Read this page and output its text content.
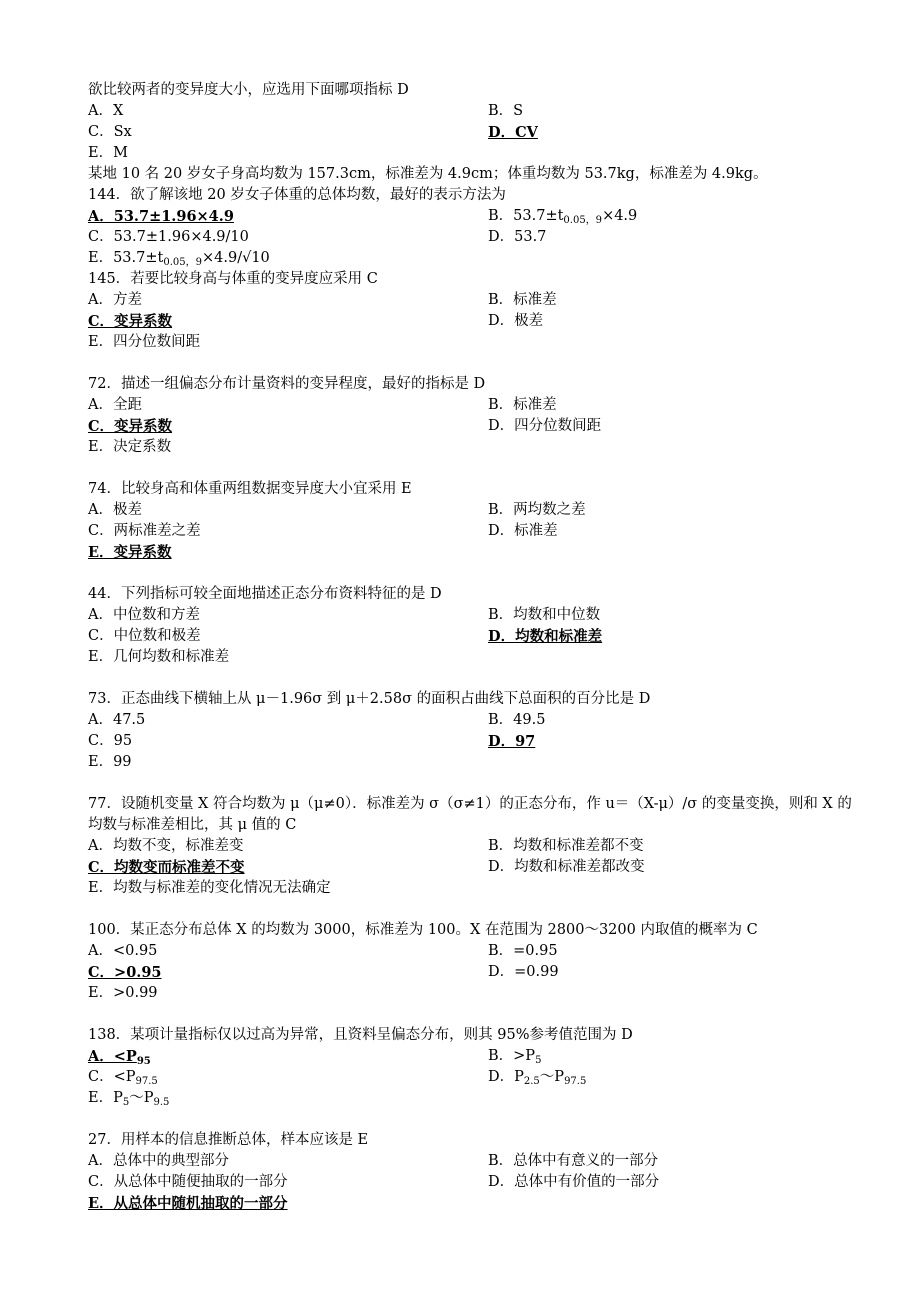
欲比较两者的变异度大小，应选用下面哪项指标 D
A．X	B．S
C．Sx	D．CV
E．M
某地 10 名 20 岁女子身高均数为 157.3cm，标准差为 4.9cm；体重均数为 53.7kg，标准差为 4.9kg。
144．欲了解该地 20 岁女子体重的总体均数，最好的表示方法为
A．53.7±1.96×4.9	B．$53.7\pm t_{0.05,9}\times 4.9$
C．53.7±1.96×4.9/10	D．53.7
E．$53.7\pm t_{0.05,9}\times 4.9/√10$
145．若要比较身高与体重的变异度应采用 C
A．方差	B．标准差
C．变异系数	D．极差
E．四分位数间距
72．描述一组偏态分布计量资料的变异程度，最好的指标是 D
A．全距	B．标准差
C．变异系数	D．四分位数间距
E．决定系数
74．比较身高和体重两组数据变异度大小宜采用 E
A．极差	B．两均数之差
C．两标准差之差	D．标准差
E．变异系数
44．下列指标可较全面地描述正态分布资料特征的是 D
A．中位数和方差	B．均数和中位数
C．中位数和极差	D．均数和标准差
E．几何均数和标准差
73．正态曲线下横轴上从 μ－1.96σ 到 μ＋2.58σ 的面积占曲线下总面积的百分比是 D
A．47.5	B．49.5
C．95	D．97
E．99
77．设随机变量 X 符合均数为 μ（μ≠0）．标准差为 σ（σ≠1）的正态分布，作 u＝（X-μ）/σ 的变量变换，则和 X 的均数与标准差相比，其 μ 值的 C
A．均数不变，标准差变	B．均数和标准差都不变
C．均数变而标准差不变	D．均数和标准差都改变
E．均数与标准差的变化情况无法确定
100．某正态分布总体 X 的均数为 3000，标准差为 100。X 在范围为 2800～3200 内取值的概率为 C
A．<0.95	B．=0.95
C．>0.95	D．=0.99
E．>0.99
138．某项计量指标仅以过高为异常，且资料呈偏态分布，则其 95%参考值范围为 D
A．$<P_{95}$	B．$>P_5$
C．$<P_{97.5}$	D．$P_{2.5}\sim P_{97.5}$
E．$P_5\sim P_{9.5}$
27．用样本的信息推断总体，样本应该是 E
A．总体中的典型部分	B．总体中有意义的一部分
C．从总体中随便抽取的一部分	D．总体中有价值的一部分
E．从总体中随机抽取的一部分
